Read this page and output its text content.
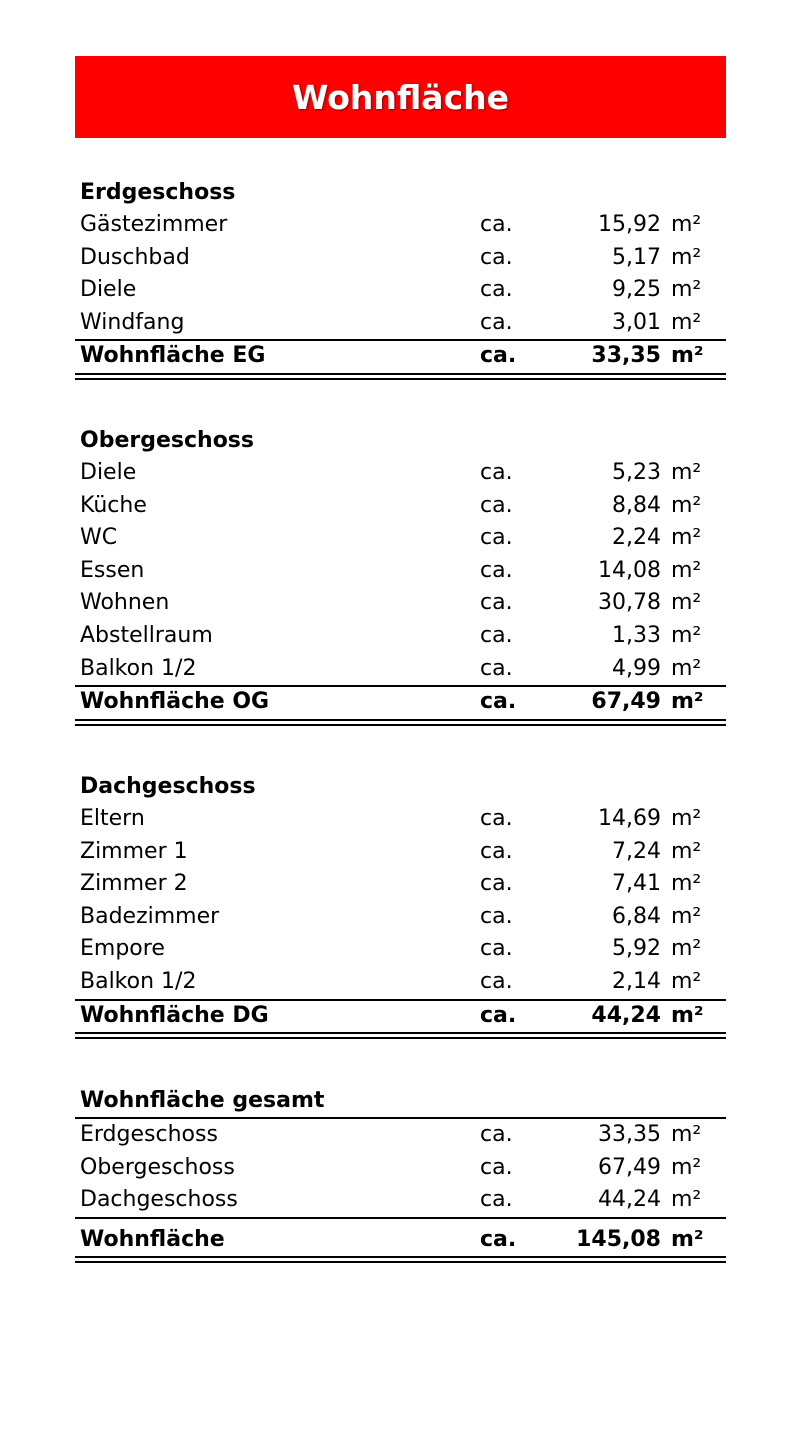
Wohnfläche
Erdgeschoss
Gästezimmer	ca.	15,92 m²
Duschbad	ca.	5,17 m²
Diele	ca.	9,25 m²
Windfang	ca.	3,01 m²
Wohnfläche EG	ca.	33,35 m²
Obergeschoss
Diele	ca.	5,23 m²
Küche	ca.	8,84 m²
WC	ca.	2,24 m²
Essen	ca.	14,08 m²
Wohnen	ca.	30,78 m²
Abstellraum	ca.	1,33 m²
Balkon 1/2	ca.	4,99 m²
Wohnfläche OG	ca.	67,49 m²
Dachgeschoss
Eltern	ca.	14,69 m²
Zimmer 1	ca.	7,24 m²
Zimmer 2	ca.	7,41 m²
Badezimmer	ca.	6,84 m²
Empore	ca.	5,92 m²
Balkon 1/2	ca.	2,14 m²
Wohnfläche DG	ca.	44,24 m²
Wohnfläche gesamt
Erdgeschoss	ca.	33,35 m²
Obergeschoss	ca.	67,49 m²
Dachgeschoss	ca.	44,24 m²
Wohnfläche	ca.	145,08 m²
